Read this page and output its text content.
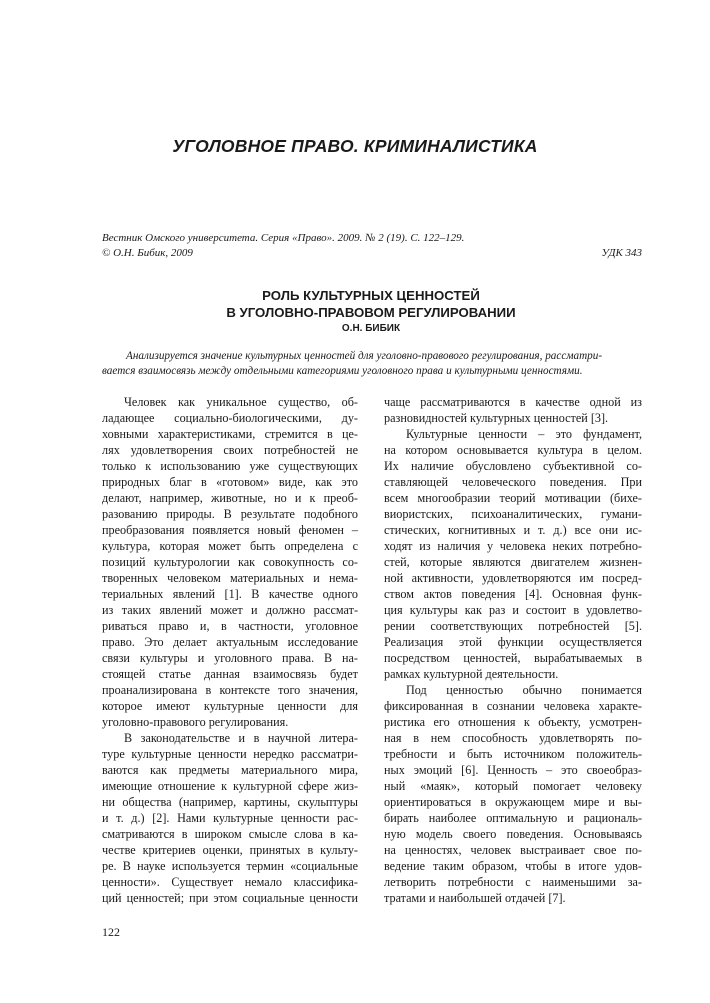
УГОЛОВНОЕ ПРАВО. КРИМИНАЛИСТИКА
Вестник Омского университета. Серия «Право». 2009. № 2 (19). С. 122–129.
© О.Н. Бибик, 2009	УДК 343
РОЛЬ КУЛЬТУРНЫХ ЦЕННОСТЕЙ
В УГОЛОВНО-ПРАВОВОМ РЕГУЛИРОВАНИИ
О.Н. БИБИК
Анализируется значение культурных ценностей для уголовно-правового регулирования, рассматри-
вается взаимосвязь между отдельными категориями уголовного права и культурными ценностями.
Человек как уникальное существо, об-
ладающее социально-биологическими, ду-
ховными характеристиками, стремится в це-
лях удовлетворения своих потребностей не
только к использованию уже существующих
природных благ в «готовом» виде, как это
делают, например, животные, но и к преоб-
разованию природы. В результате подобного
преобразования появляется новый феномен –
культура, которая может быть определена с
позиций культурологии как совокупность со-
творенных человеком материальных и нема-
териальных явлений [1]. В качестве одного
из таких явлений может и должно рассмат-
риваться право и, в частности, уголовное
право. Это делает актуальным исследование
связи культуры и уголовного права. В на-
стоящей статье данная взаимосвязь будет
проанализирована в контексте того значения,
которое имеют культурные ценности для
уголовно-правового регулирования.
В законодательстве и в научной литера-
туре культурные ценности нередко рассматри-
ваются как предметы материального мира,
имеющие отношение к культурной сфере жиз-
ни общества (например, картины, скульптуры
и т. д.) [2]. Нами культурные ценности рас-
сматриваются в широком смысле слова в ка-
честве критериев оценки, принятых в культу-
ре. В науке используется термин «социальные
ценности». Существует немало классифика-
ций ценностей; при этом социальные ценности
чаще рассматриваются в качестве одной из
разновидностей культурных ценностей [3].
Культурные ценности – это фундамент,
на котором основывается культура в целом.
Их наличие обусловлено субъективной со-
ставляющей человеческого поведения. При
всем многообразии теорий мотивации (бихе-
виористских, психоаналитических, гумани-
стических, когнитивных и т. д.) все они ис-
ходят из наличия у человека неких потребно-
стей, которые являются двигателем жизнен-
ной активности, удовлетворяются им посред-
ством актов поведения [4]. Основная функ-
ция культуры как раз и состоит в удовлетво-
рении соответствующих потребностей [5].
Реализация этой функции осуществляется
посредством ценностей, вырабатываемых в
рамках культурной деятельности.
Под ценностью обычно понимается
фиксированная в сознании человека характе-
ристика его отношения к объекту, усмотрен-
ная в нем способность удовлетворять по-
требности и быть источником положитель-
ных эмоций [6]. Ценность – это своеобраз-
ный «маяк», который помогает человеку
ориентироваться в окружающем мире и вы-
бирать наиболее оптимальную и рациональ-
ную модель своего поведения. Основываясь
на ценностях, человек выстраивает свое по-
ведение таким образом, чтобы в итоге удов-
летворить потребности с наименьшими за-
тратами и наибольшей отдачей [7].
122
